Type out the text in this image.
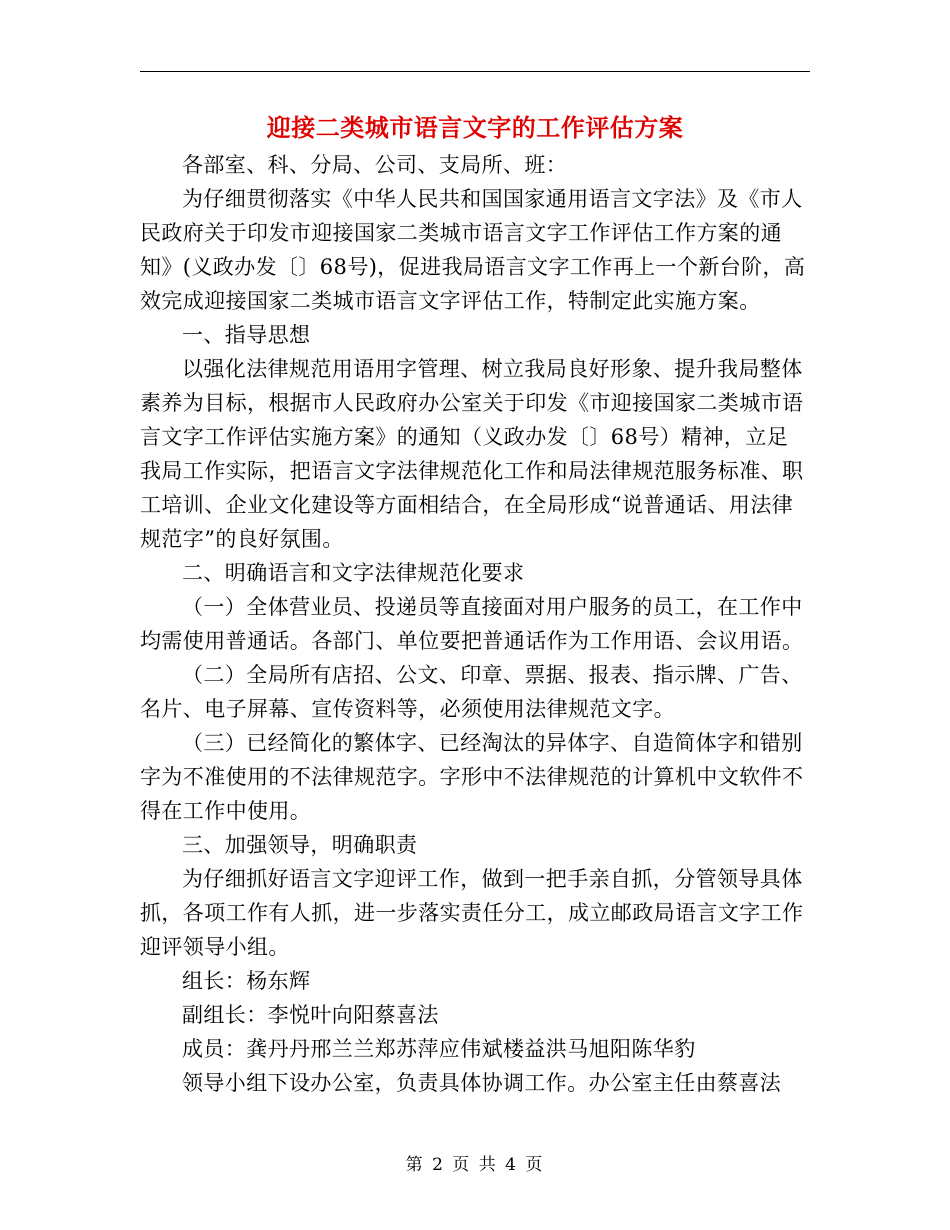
迎接二类城市语言文字的工作评估方案

各部室、科、分局、公司、支局所、班：

为仔细贯彻落实《中华人民共和国国家通用语言文字法》及《市人民政府关于印发市迎接国家二类城市语言文字工作评估工作方案的通知》(义政办发〔〕68号)，促进我局语言文字工作再上一个新台阶，高效完成迎接国家二类城市语言文字评估工作，特制定此实施方案。

一、指导思想

以强化法律规范用语用字管理、树立我局良好形象、提升我局整体素养为目标，根据市人民政府办公室关于印发《市迎接国家二类城市语言文字工作评估实施方案》的通知（义政办发〔〕68号）精神，立足我局工作实际，把语言文字法律规范化工作和局法律规范服务标准、职工培训、企业文化建设等方面相结合，在全局形成“说普通话、用法律规范字”的良好氛围。

二、明确语言和文字法律规范化要求

（一）全体营业员、投递员等直接面对用户服务的员工，在工作中均需使用普通话。各部门、单位要把普通话作为工作用语、会议用语。

（二）全局所有店招、公文、印章、票据、报表、指示牌、广告、名片、电子屏幕、宣传资料等，必须使用法律规范文字。

（三）已经简化的繁体字、已经淘汰的异体字、自造简体字和错别字为不准使用的不法律规范字。字形中不法律规范的计算机中文软件不得在工作中使用。

三、加强领导，明确职责

为仔细抓好语言文字迎评工作，做到一把手亲自抓，分管领导具体抓，各项工作有人抓，进一步落实责任分工，成立邮政局语言文字工作迎评领导小组。

组长：杨东辉

副组长：李悦叶向阳蔡喜法

成员：龚丹丹邢兰兰郑苏萍应伟斌楼益洪马旭阳陈华豹

领导小组下设办公室，负责具体协调工作。办公室主任由蔡喜法

第 2 页 共 4 页
